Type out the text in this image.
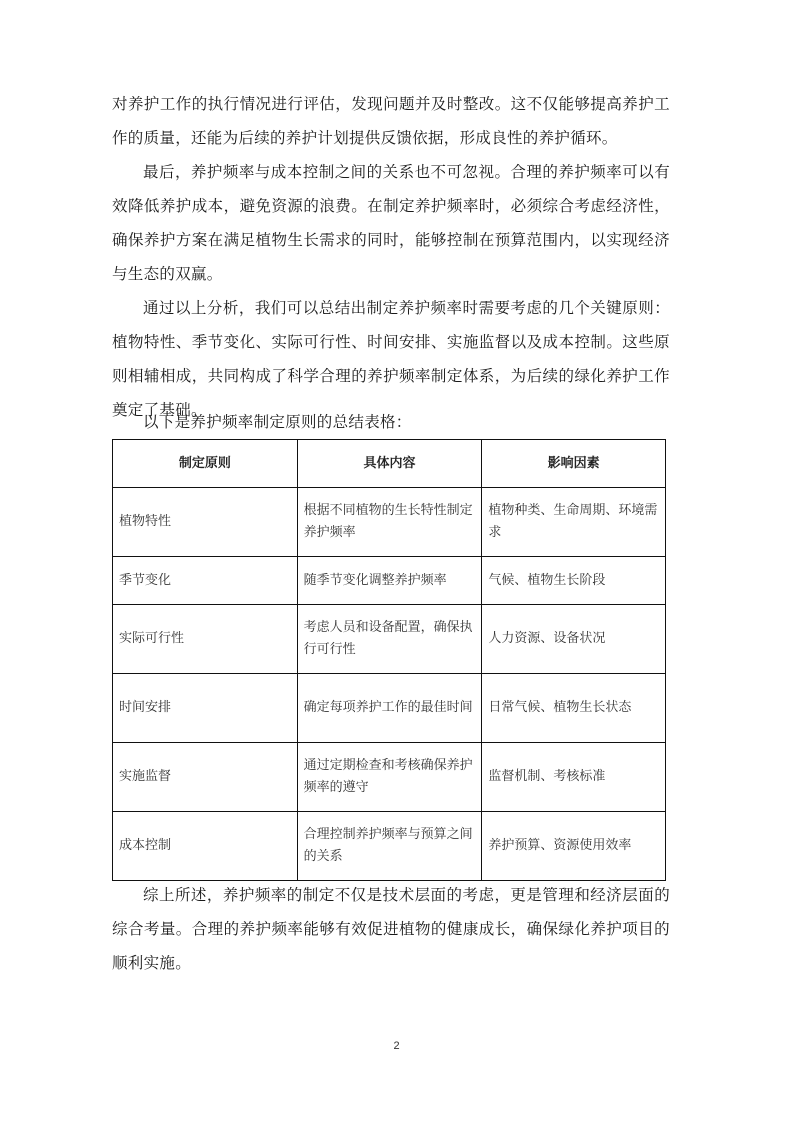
对养护工作的执行情况进行评估，发现问题并及时整改。这不仅能够提高养护工作的质量，还能为后续的养护计划提供反馈依据，形成良性的养护循环。

最后，养护频率与成本控制之间的关系也不可忽视。合理的养护频率可以有效降低养护成本，避免资源的浪费。在制定养护频率时，必须综合考虑经济性，确保养护方案在满足植物生长需求的同时，能够控制在预算范围内，以实现经济与生态的双赢。

通过以上分析，我们可以总结出制定养护频率时需要考虑的几个关键原则：植物特性、季节变化、实际可行性、时间安排、实施监督以及成本控制。这些原则相辅相成，共同构成了科学合理的养护频率制定体系，为后续的绿化养护工作奠定了基础。

以下是养护频率制定原则的总结表格：

制定原则	具体内容	影响因素
植物特性	根据不同植物的生长特性制定养护频率	植物种类、生命周期、环境需求
季节变化	随季节变化调整养护频率	气候、植物生长阶段
实际可行性	考虑人员和设备配置，确保执行可行性	人力资源、设备状况
时间安排	确定每项养护工作的最佳时间	日常气候、植物生长状态
实施监督	通过定期检查和考核确保养护频率的遵守	监督机制、考核标准
成本控制	合理控制养护频率与预算之间的关系	养护预算、资源使用效率

综上所述，养护频率的制定不仅是技术层面的考虑，更是管理和经济层面的综合考量。合理的养护频率能够有效促进植物的健康成长，确保绿化养护项目的顺利实施。

2
